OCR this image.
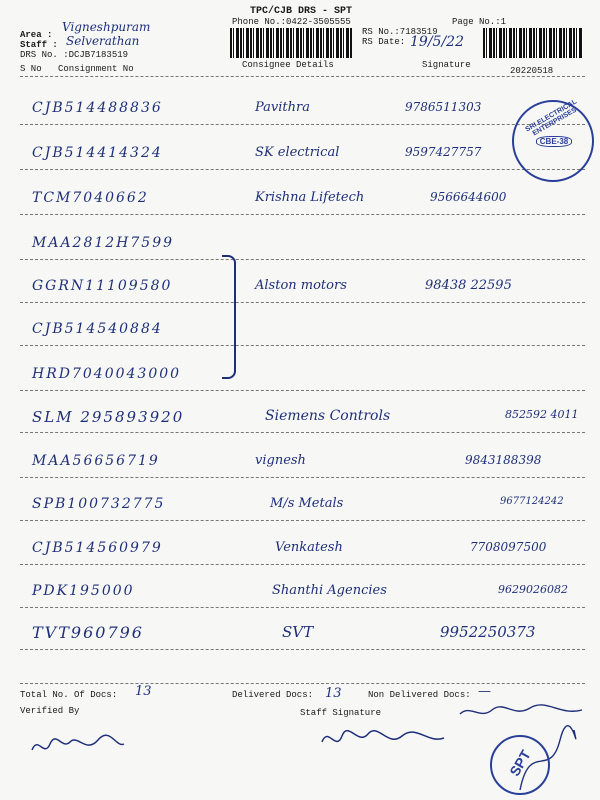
TPC/CJB DRS - SPT
Phone No.:0422-3505555	Page No.:1
Area :
Vigneshpuram
Staff : Selverathan
DRS No. :DCJB7183519
RS No.:7183519
RS Date: 19/5/22
20220518
S No Consignment No	Consignee Details	Signature
CJB514488836	Pavithra	9786511303
CJB514414324	SK electrical	9597427757
TCM7040662	Krishna Lifetech	9566644600
MAA2812H7599
GGRN11109580	Alston motors	98438 22595
CJB514540884
HRD7040043000
SLM 295893920	Siemens Controls	852592 4011
MAA56656719	vignesh	9843188398
SPB100732775	M/s Metals	9677124242
CJB514560979	Venkatesh	7708097500
PDK195000	Shanthi Agencies	9629026082
TVT960796	SVT	9952250373
SRI ELECTRICAL ENTERPRISES
CBE-38
Total No. Of Docs: 13	Delivered Docs: 13	Non Delivered Docs: —
Verified By	Staff Signature
SPT
